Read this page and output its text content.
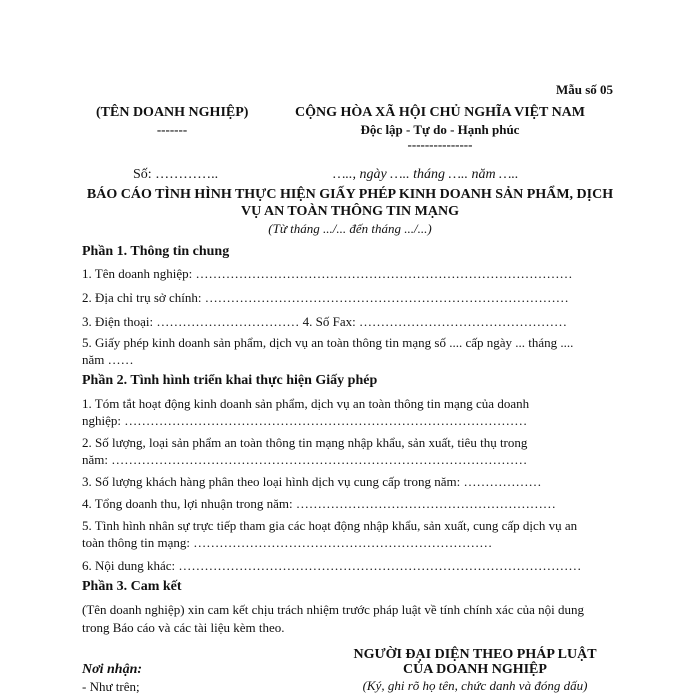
Mẫu số 05
(TÊN DOANH NGHIỆP)
-------
CỘNG HÒA XÃ HỘI CHỦ NGHĨA VIỆT NAM
Độc lập - Tự do - Hạnh phúc
---------------
Số: …………..	….., ngày ….. tháng ….. năm …..
BÁO CÁO TÌNH HÌNH THỰC HIỆN GIẤY PHÉP KINH DOANH SẢN PHẨM, DỊCH
VỤ AN TOÀN THÔNG TIN MẠNG
(Từ tháng .../... đến tháng .../...)
Phần 1. Thông tin chung
1. Tên doanh nghiệp: ……………………………………………………………………………
2. Địa chỉ trụ sở chính: …………………………………………………………………………
3. Điện thoại: …………………………… 4. Số Fax: …………………………………………
5. Giấy phép kinh doanh sản phẩm, dịch vụ an toàn thông tin mạng số .... cấp ngày ... tháng ....
năm ……
Phần 2. Tình hình triển khai thực hiện Giấy phép
1. Tóm tắt hoạt động kinh doanh sản phẩm, dịch vụ an toàn thông tin mạng của doanh
nghiệp: …………………………………………………………………………………
2. Số lượng, loại sản phẩm an toàn thông tin mạng nhập khẩu, sản xuất, tiêu thụ trong
năm: ……………………………………………………………………………………
3. Số lượng khách hàng phân theo loại hình dịch vụ cung cấp trong năm: ………………
4. Tổng doanh thu, lợi nhuận trong năm: ……………………………………………………
5. Tình hình nhân sự trực tiếp tham gia các hoạt động nhập khẩu, sản xuất, cung cấp dịch vụ an
toàn thông tin mạng: ……………………………………………………………
6. Nội dung khác: …………………………………………………………………………………
Phần 3. Cam kết
(Tên doanh nghiệp) xin cam kết chịu trách nhiệm trước pháp luật về tính chính xác của nội dung
trong Báo cáo và các tài liệu kèm theo.
NGƯỜI ĐẠI DIỆN THEO PHÁP LUẬT
CỦA DOANH NGHIỆP
(Ký, ghi rõ họ tên, chức danh và đóng dấu)
Nơi nhận:
- Như trên;
